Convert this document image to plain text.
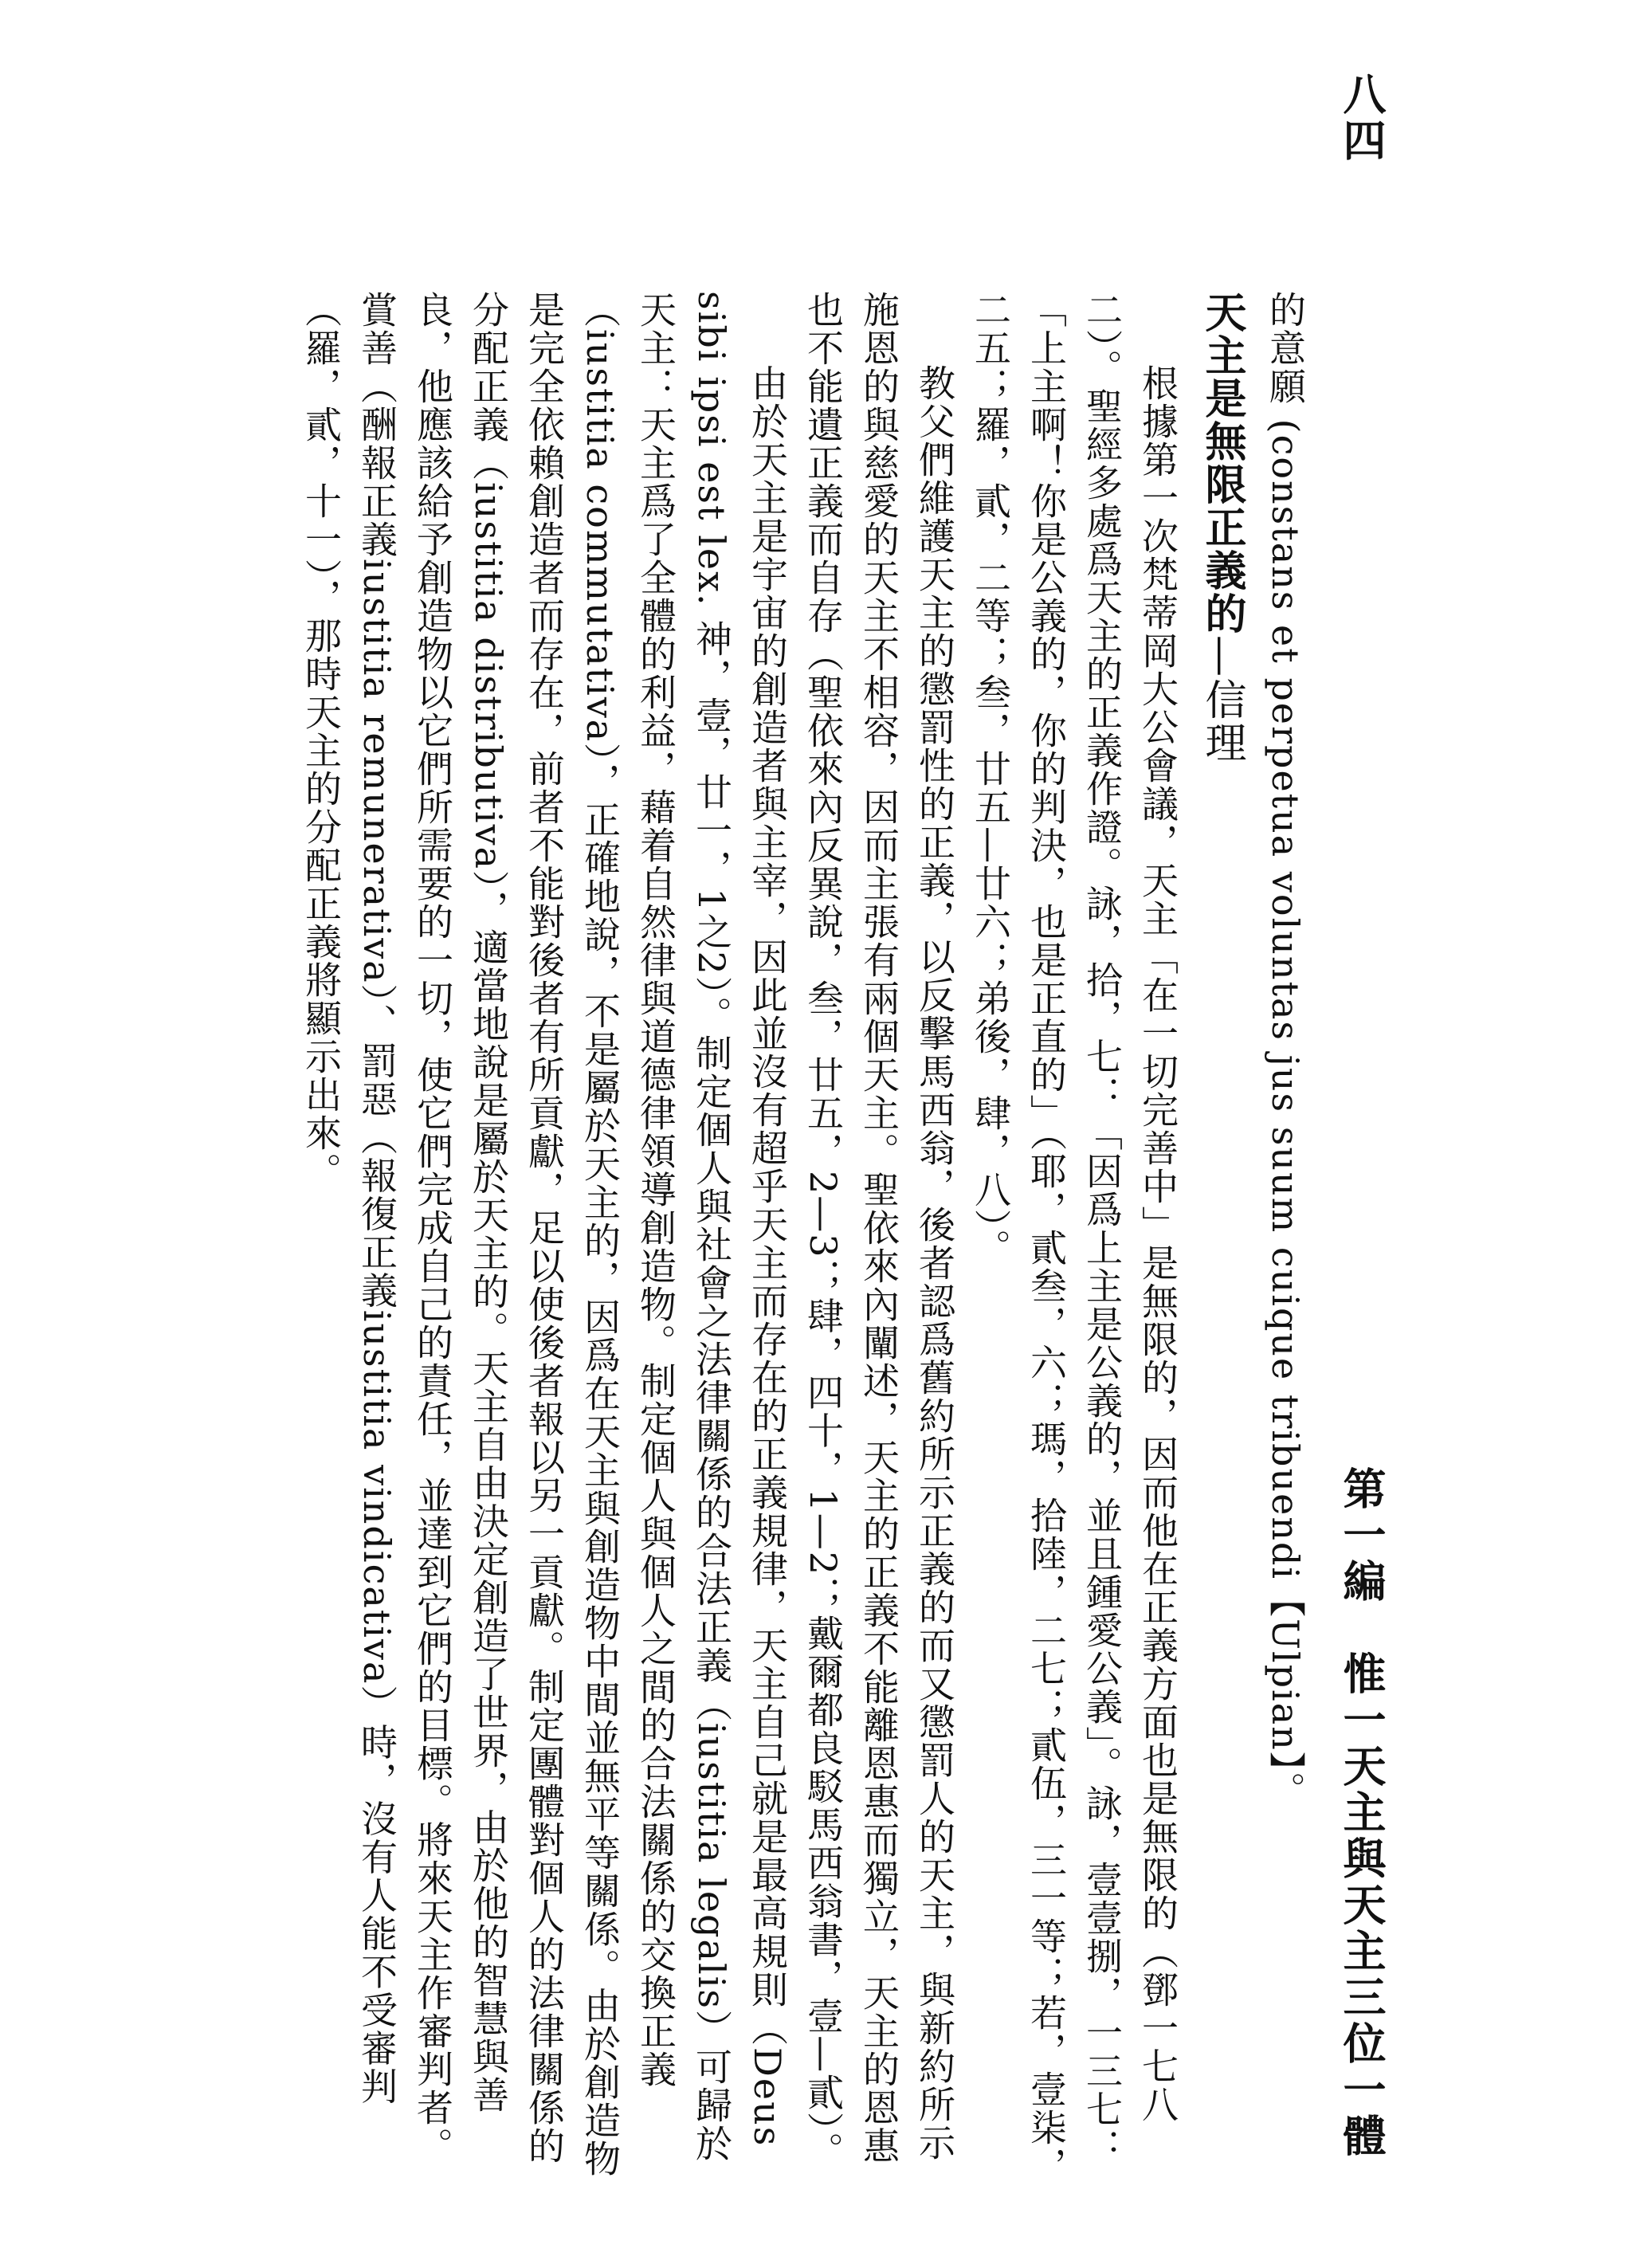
八四
第一編　惟一天主與天主三位一體

的意願 (constans et perpetua voluntas jus suum cuique tribuendi【Ulpian】。

天主是無限正義的—信理

根據第一次梵蒂岡大公會議，天主「在一切完善中」是無限的，因而他在正義方面也是無限的（鄧一七八二）。聖經多處爲天主的正義作證。詠，拾，七：「因爲上主是公義的，並且鍾愛公義」。詠，壹壹捌，一三七：「上主啊！你是公義的，你的判決，也是正直的」（耶，貳叁，六；瑪，拾陸，二七；貳伍，三一等；若，壹柒，二五；羅，貳，二等；叁，廿五—廿六；弟後，肆，八）。

教父們維護天主的懲罰性的正義，以反擊馬西翁，後者認爲舊約所示正義的而又懲罰人的天主，與新約所示施恩的與慈愛的天主不相容，因而主張有兩個天主。聖依來內闡述，天主的正義不能離恩惠而獨立，天主的恩惠也不能遺正義而自存（聖依來內反異說，叁，廿五，2—3；肆，四十，1—2；戴爾都良駁馬西翁書，壹—貳）。

由於天主是宇宙的創造者與主宰，因此並沒有超乎天主而存在的正義規律，天主自己就是最高規則（Deus sibi ipsi est lex. 神，壹，廿一，1之2）。制定個人與社會之法律關係的合法正義（iustitia legalis）可歸於天主：天主爲了全體的利益，藉着自然律與道德律領導創造物。制定個人與個人之間的合法關係的交換正義（iustitia commutativa），正確地說，不是屬於天主的，因爲在天主與創造物中間並無平等關係。由於創造物是完全依賴創造者而存在，前者不能對後者有所貢獻，足以使後者報以另一貢獻。制定團體對個人的法律關係的分配正義（iustitia distributiva），適當地說是屬於天主的。天主自由決定創造了世界，由於他的智慧與善良，他應該給予創造物以它們所需要的一切，使它們完成自己的責任，並達到它們的目標。將來天主作審判者。賞善（酬報正義iustitia remunerativa）、罰惡（報復正義iustitia vindicativa）時，沒有人能不受審判（羅，貳，十一），那時天主的分配正義將顯示出來。
